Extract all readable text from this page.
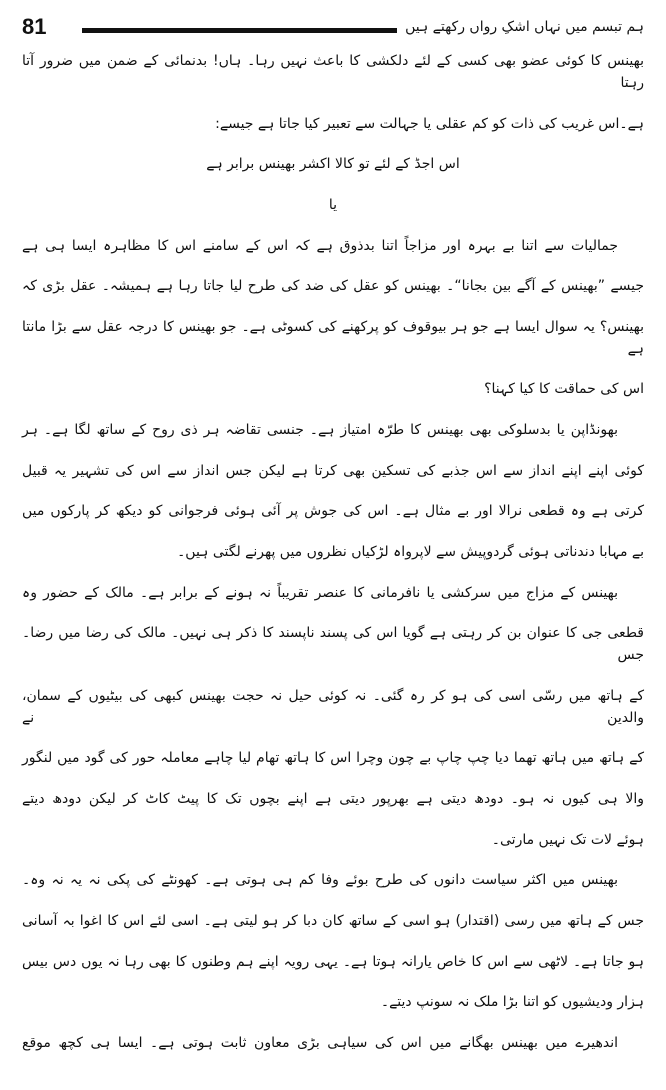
81	ہم تبسم میں نہاں اشکِ رواں رکھتے ہیں
بھینس کا کوئی عضو بھی کسی کے لئے دلکشی کا باعث نہیں رہا۔ ہاں! بدنمائی کے ضمن میں ضرور آتا رہتا
ہے۔اس غریب کی ذات کو کم عقلی یا جہالت سے تعبیر کیا جاتا ہے جیسے:
اس اجڈ کے لئے تو کالا اکشر بھینس برابر ہے
یا
جمالیات سے اتنا بے بہرہ اور مزاجاً اتنا بدذوق ہے کہ اس کے سامنے اس کا مظاہرہ ایسا ہی ہے
جیسے ”بھینس کے آگے بین بجانا“۔ بھینس کو عقل کی ضد کی طرح لیا جاتا رہا ہے ہمیشہ۔ عقل بڑی کہ
بھینس؟ یہ سوال ایسا ہے جو ہر بیوقوف کو پرکھنے کی کسوٹی ہے۔ جو بھینس کا درجہ عقل سے بڑا مانتا ہے
اس کی حماقت کا کیا کہنا؟
بھونڈاپن یا بدسلوکی بھی بھینس کا طرّہ امتیاز ہے۔ جنسی تقاضہ ہر ذی روح کے ساتھ لگا ہے۔ ہر
کوئی اپنے اپنے انداز سے اس جذبے کی تسکین بھی کرتا ہے لیکن جس انداز سے اس کی تشہیر یہ قبیل
کرتی ہے وہ قطعی نرالا اور بے مثال ہے۔ اس کی جوش پر آئی ہوئی فرجوانی کو دیکھ کر پارکوں میں
بے مہابا دندناتی ہوئی گردوپیش سے لاپرواہ لڑکیاں نظروں میں پھرنے لگتی ہیں۔
بھینس کے مزاج میں سرکشی یا نافرمانی کا عنصر تقریباً نہ ہونے کے برابر ہے۔ مالک کے حضور وہ
قطعی جی کا عنوان بن کر رہتی ہے گویا اس کی پسند ناپسند کا ذکر ہی نہیں۔ مالک کی رضا میں رضا۔ جس
کے ہاتھ میں رسّی اسی کی ہو کر رہ گئی۔ نہ کوئی حیل نہ حجت بھینس کبھی کی بیٹیوں کے سمان، والدین نے
کے ہاتھ میں ہاتھ تھما دیا چپ چاپ بے چون وچرا اس کا ہاتھ تھام لیا چاہے معاملہ حور کی گود میں لنگور
والا ہی کیوں نہ ہو۔ دودھ دیتی ہے بھرپور دیتی ہے اپنے بچوں تک کا پیٹ کاٹ کر لیکن دودھ دیتے
ہوئے لات تک نہیں مارتی۔
بھینس میں اکثر سیاست دانوں کی طرح بوئے وفا کم ہی ہوتی ہے۔ کھونٹے کی پکی نہ یہ نہ وہ۔
جس کے ہاتھ میں رسی (اقتدار) ہو اسی کے ساتھ کان دبا کر ہو لیتی ہے۔ اسی لئے اس کا اغوا بہ آسانی
ہو جاتا ہے۔ لاٹھی سے اس کا خاص یارانہ ہوتا ہے۔ یہی رویہ اپنے ہم وطنوں کا بھی رہا نہ یوں دس بیس
ہزار ودیشیوں کو اتنا بڑا ملک نہ سونپ دیتے۔
اندھیرے میں بھینس بھگانے میں اس کی سیاہی بڑی معاون ثابت ہوتی ہے۔ ایسا ہی کچھ موقع
